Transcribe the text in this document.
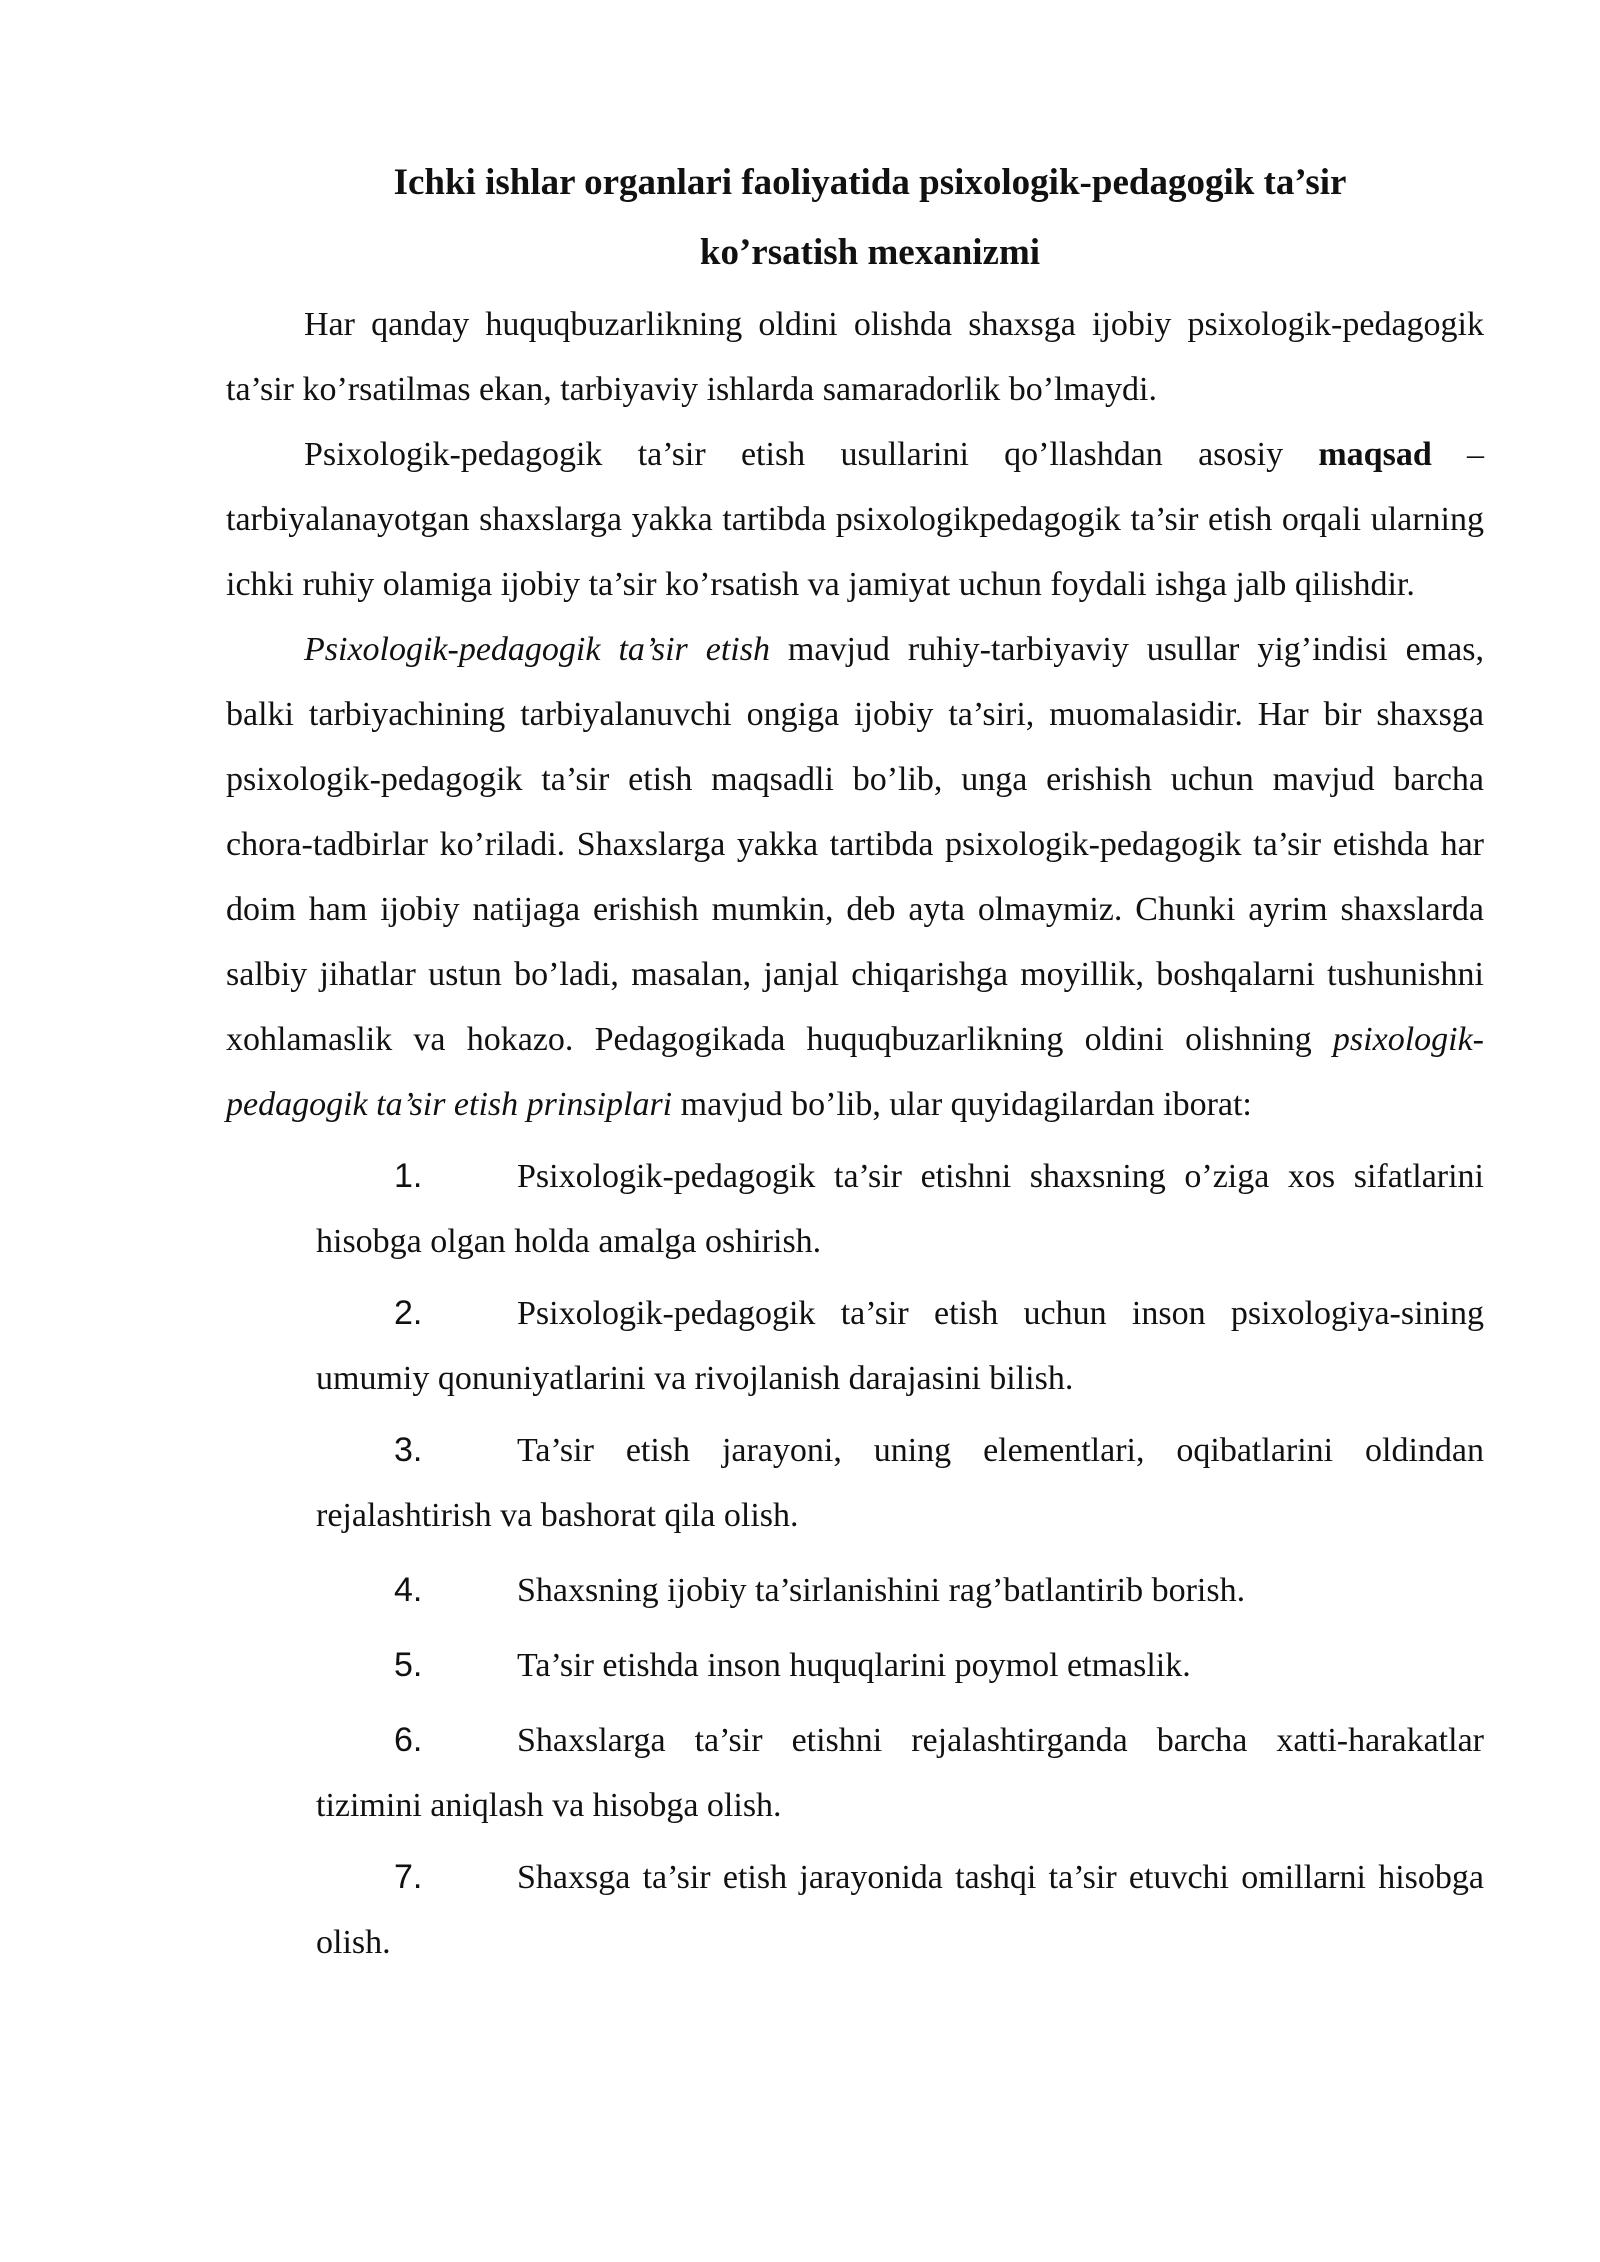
Ichki ishlar organlari faoliyatida psixologik-pedagogik ta’sir
ko’rsatish mexanizmi

Har qanday huquqbuzarlikning oldini olishda shaxsga ijobiy psixologik-pedagogik ta’sir ko’rsatilmas ekan, tarbiyaviy ishlarda samaradorlik bo’lmaydi.

Psixologik-pedagogik ta’sir etish usullarini qo’llashdan asosiy maqsad – tarbiyalanayotgan shaxslarga yakka tartibda psixologikpedagogik ta’sir etish orqali ularning ichki ruhiy olamiga ijobiy ta’sir ko’rsatish va jamiyat uchun foydali ishga jalb qilishdir.

Psixologik-pedagogik ta’sir etish mavjud ruhiy-tarbiyaviy usullar yig’indisi emas, balki tarbiyachining tarbiyalanuvchi ongiga ijobiy ta’siri, muomalasidir. Har bir shaxsga psixologik-pedagogik ta’sir etish maqsadli bo’lib, unga erishish uchun mavjud barcha chora-tadbirlar ko’riladi. Shaxslarga yakka tartibda psixologik-pedagogik ta’sir etishda har doim ham ijobiy natijaga erishish mumkin, deb ayta olmaymiz. Chunki ayrim shaxslarda salbiy jihatlar ustun bo’ladi, masalan, janjal chiqarishga moyillik, boshqalarni tushunishni xohlamaslik va hokazo. Pedagogikada huquqbuzarlikning oldini olishning psixologik-pedagogik ta’sir etish prinsiplari mavjud bo’lib, ular quyidagilardan iborat:

1.	Psixologik-pedagogik ta’sir etishni shaxsning o’ziga xos sifatlarini hisobga olgan holda amalga oshirish.
2.	Psixologik-pedagogik ta’sir etish uchun inson psixologiya-sining umumiy qonuniyatlarini va rivojlanish darajasini bilish.
3.	Ta’sir etish jarayoni, uning elementlari, oqibatlarini oldindan rejalashtirish va bashorat qila olish.
4.	Shaxsning ijobiy ta’sirlanishini rag’batlantirib borish.
5.	Ta’sir etishda inson huquqlarini poymol etmaslik.
6.	Shaxslarga ta’sir etishni rejalashtirganda barcha xatti-harakatlar tizimini aniqlash va hisobga olish.
7.	Shaxsga ta’sir etish jarayonida tashqi ta’sir etuvchi omillarni hisobga olish.
